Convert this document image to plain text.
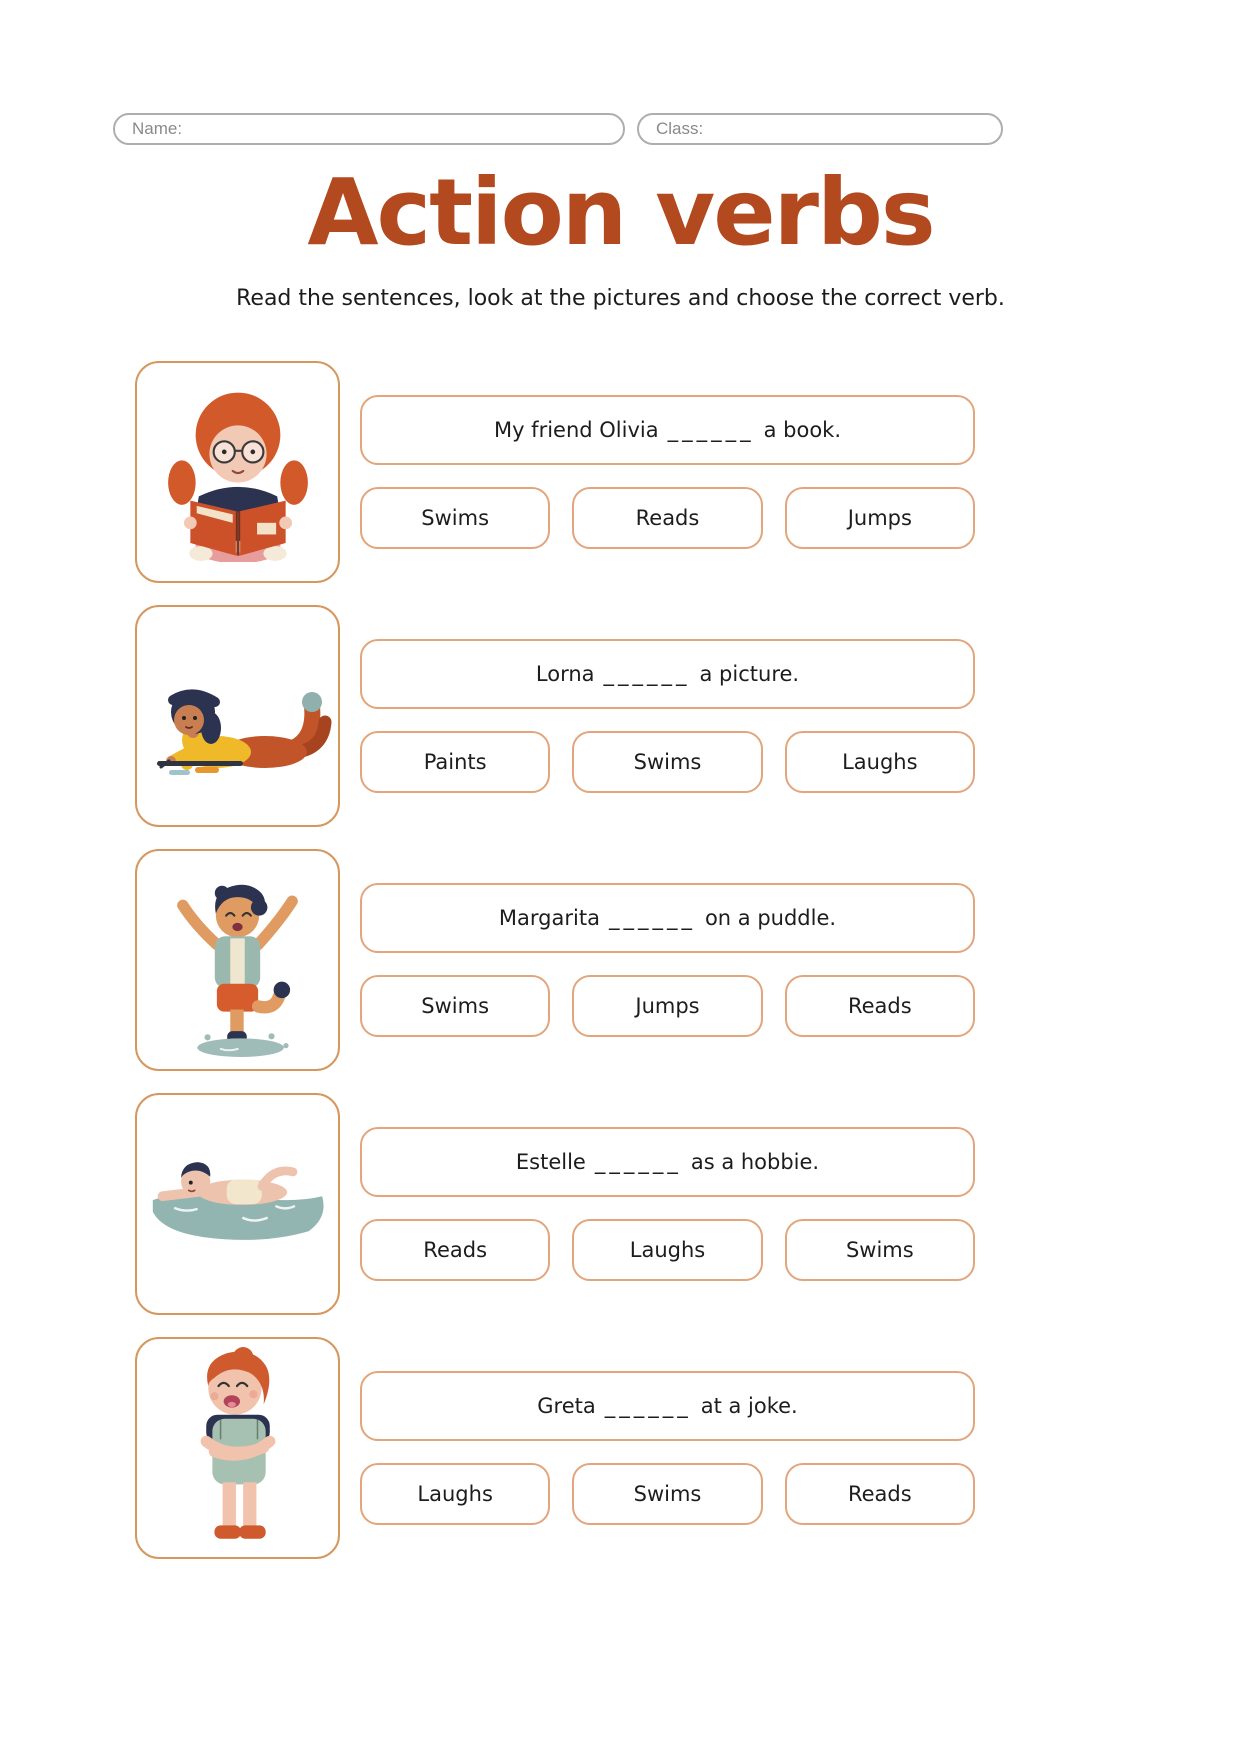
Name:	Class:
Action verbs
Read the sentences, look at the pictures and choose the correct verb.
My friend Olivia ______ a book.
Swims	Reads	Jumps
Lorna ______ a picture.
Paints	Swims	Laughs
Margarita ______ on a puddle.
Swims	Jumps	Reads
Estelle ______ as a hobbie.
Reads	Laughs	Swims
Greta ______ at a joke.
Laughs	Swims	Reads
